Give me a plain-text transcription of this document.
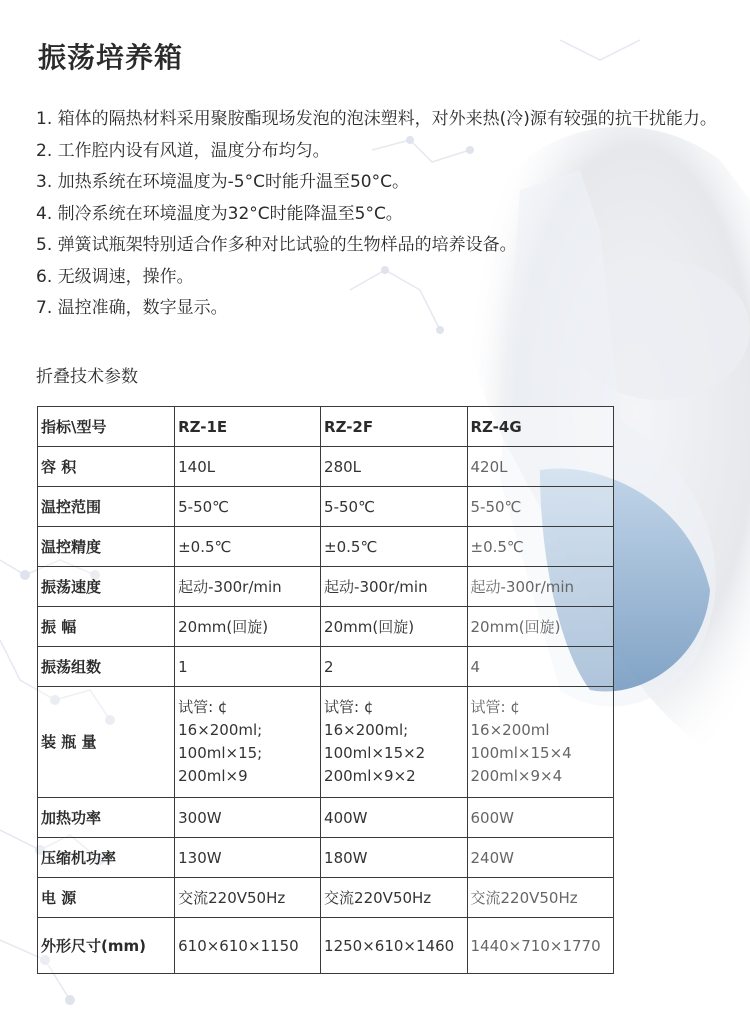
振荡培养箱
1. 箱体的隔热材料采用聚胺酯现场发泡的泡沫塑料，对外来热(冷)源有较强的抗干扰能力。
2. 工作腔内设有风道，温度分布均匀。
3. 加热系统在环境温度为-5°C时能升温至50°C。
4. 制冷系统在环境温度为32°C时能降温至5°C。
5. 弹簧试瓶架特别适合作多种对比试验的生物样品的培养设备。
6. 无级调速，操作。
7. 温控准确，数字显示。
折叠技术参数
指标\型号	RZ-1E	RZ-2F	RZ-4G
容 积	140L	280L	420L
温控范围	5-50℃	5-50℃	5-50℃
温控精度	±0.5℃	±0.5℃	±0.5℃
振荡速度	起动-300r/min	起动-300r/min	起动-300r/min
振 幅	20mm(回旋)	20mm(回旋)	20mm(回旋)
振荡组数	1	2	4
装 瓶 量	试管: ¢
16×200ml;
100ml×15;
200ml×9	试管: ¢
16×200ml;
100ml×15×2
200ml×9×2	试管: ¢
16×200ml
100ml×15×4
200ml×9×4
加热功率	300W	400W	600W
压缩机功率	130W	180W	240W
电 源	交流220V50Hz	交流220V50Hz	交流220V50Hz
外形尺寸(mm)	610×610×1150	1250×610×1460	1440×710×1770
